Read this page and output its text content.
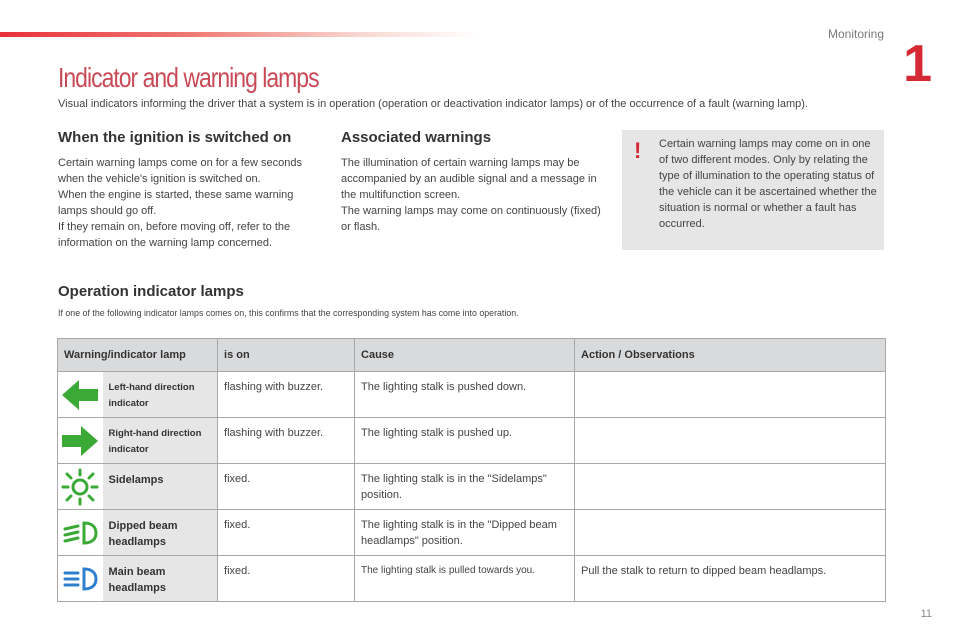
Monitoring
1
Indicator and warning lamps
Visual indicators informing the driver that a system is in operation (operation or deactivation indicator lamps) or of the occurrence of a fault (warning lamp).
When the ignition is switched on

Certain warning lamps come on for a few seconds when the vehicle's ignition is switched on.

When the engine is started, these same warning lamps should go off.

If they remain on, before moving off, refer to the information on the warning lamp concerned.

Associated warnings

The illumination of certain warning lamps may be accompanied by an audible signal and a message in the multifunction screen.

The warning lamps may come on continuously (fixed) or flash.

! Certain warning lamps may come on in one of two different modes. Only by relating the type of illumination to the operating status of the vehicle can it be ascertained whether the situation is normal or whether a fault has occurred.
Operation indicator lamps
If one of the following indicator lamps comes on, this confirms that the corresponding system has come into operation.
Warning/indicator lamp		is on	Cause	Action / Observations

Left-hand direction indicator	flashing with buzzer.	The lighting stalk is pushed down.	

Right-hand direction indicator	flashing with buzzer.	The lighting stalk is pushed up.	

Sidelamps	fixed.	The lighting stalk is in the "Sidelamps" position.	

Dipped beam headlamps	fixed.	The lighting stalk is in the "Dipped beam headlamps" position.	

Main beam headlamps	fixed.	The lighting stalk is pulled towards you.	Pull the stalk to return to dipped beam headlamps.
11
